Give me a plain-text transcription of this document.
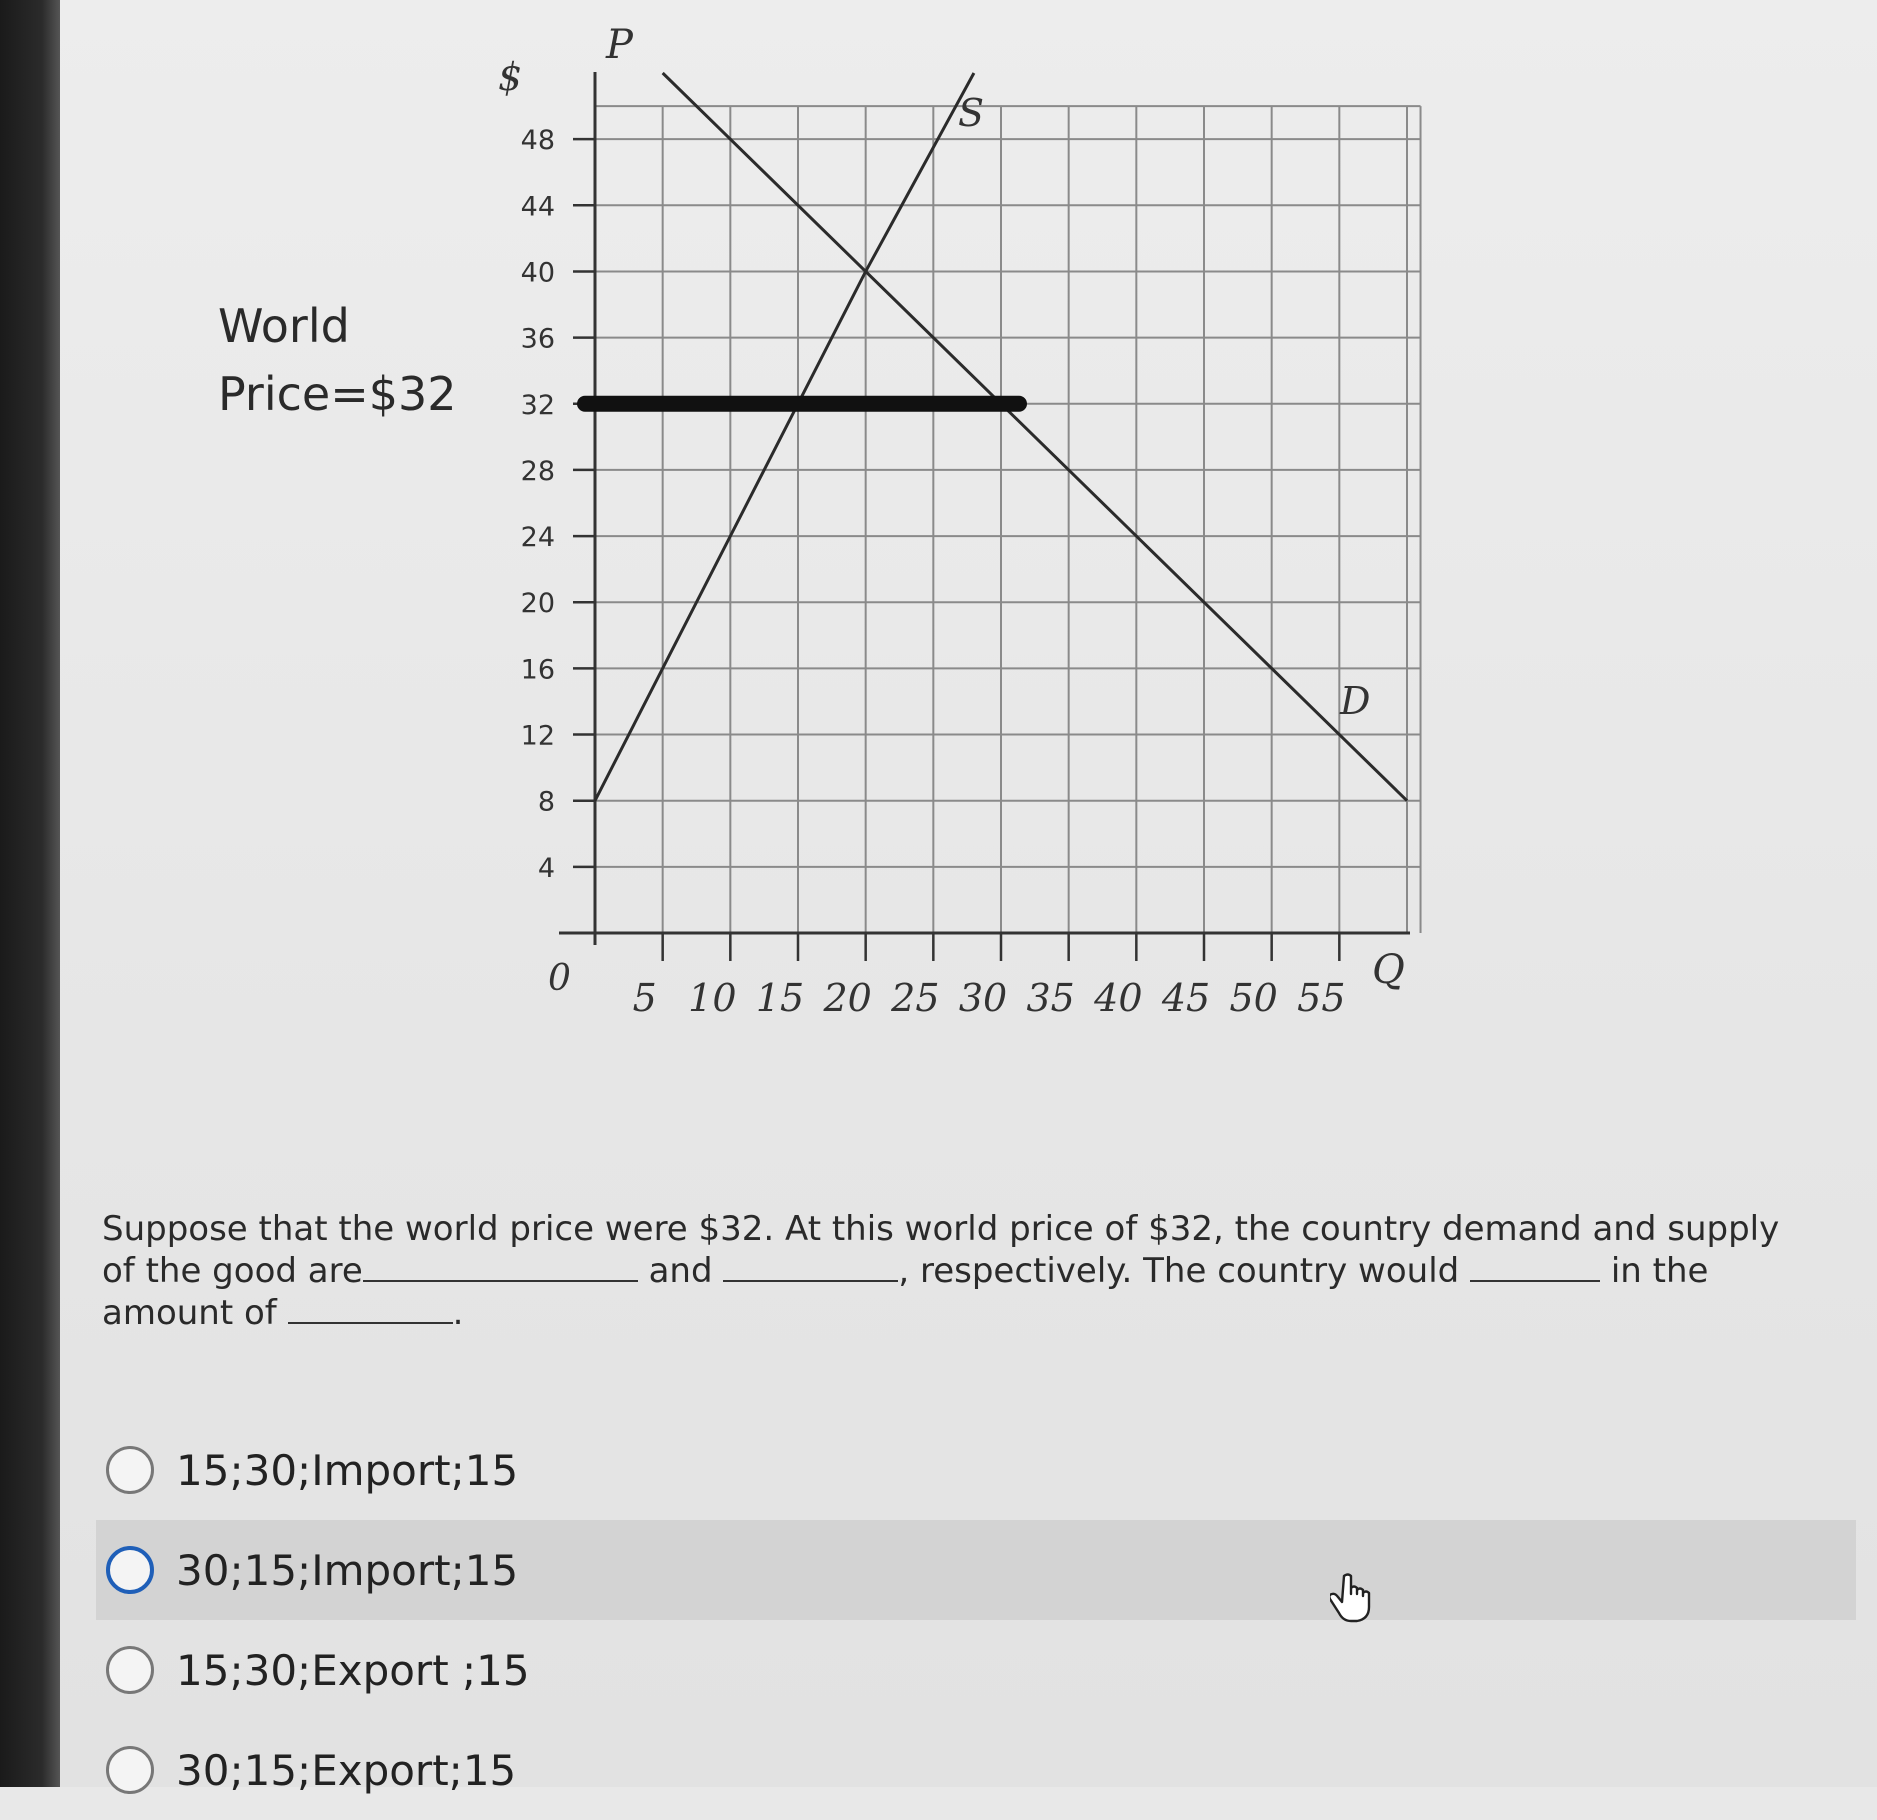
World
Price=$32
4
8
12
16
20
24
28
32
36
40
44
48
5 10 15 20 25 30 35 40 45 50 55
P
$
Q
0
S
D
Suppose that the world price were $32. At this world price of $32, the country demand and supply of the good are	and	, respectively. The country would	in the amount of	.
15;30;Import;15
30;15;Import;15
15;30;Export ;15
30;15;Export;15
